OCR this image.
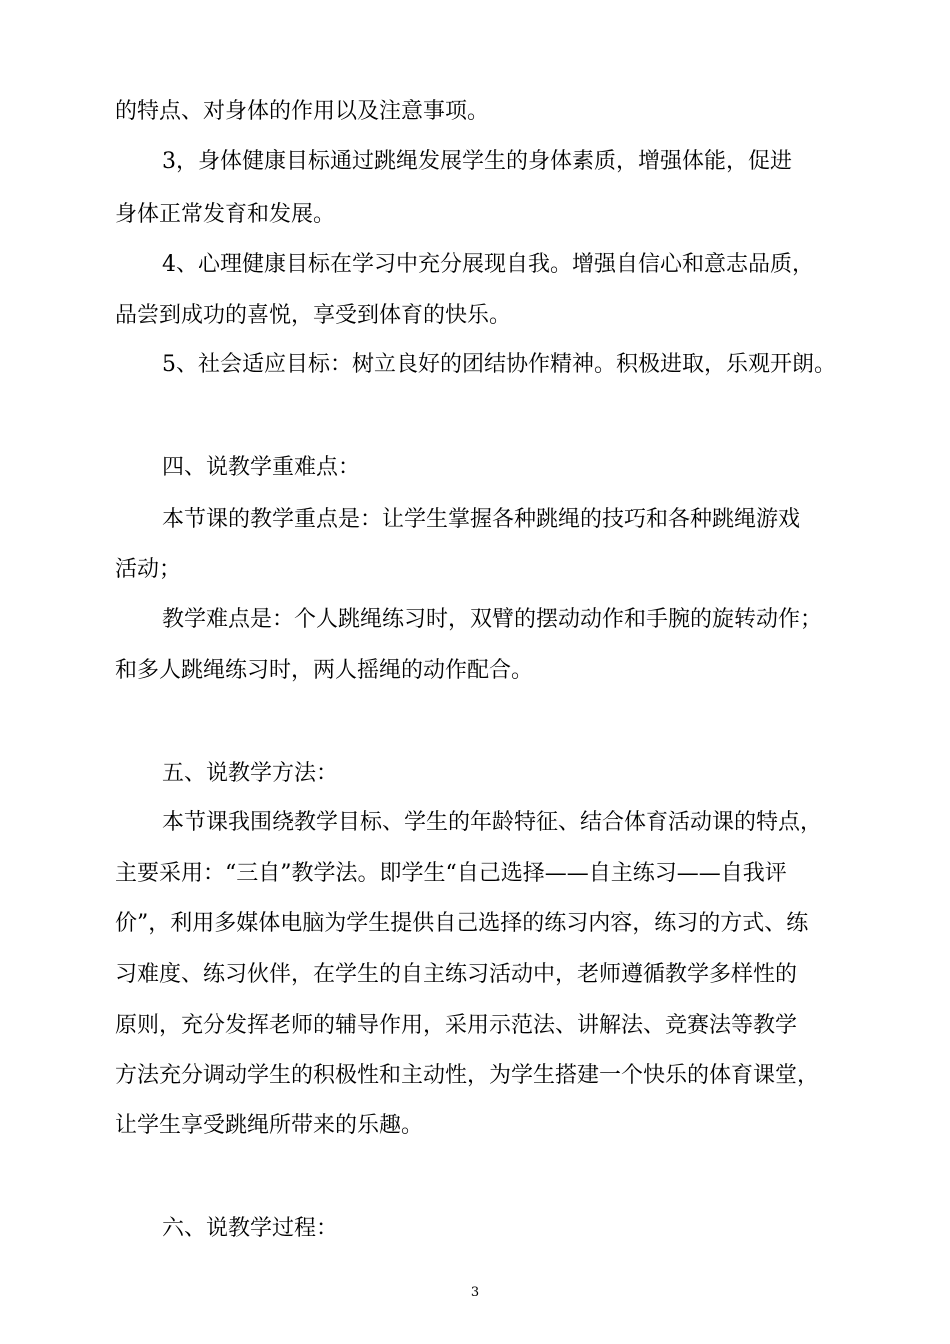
的特点、对身体的作用以及注意事项。
3，身体健康目标通过跳绳发展学生的身体素质，增强体能，促进
身体正常发育和发展。
4、心理健康目标在学习中充分展现自我。增强自信心和意志品质，
品尝到成功的喜悦，享受到体育的快乐。
5、社会适应目标：树立良好的团结协作精神。积极进取，乐观开朗。
四、说教学重难点：
本节课的教学重点是：让学生掌握各种跳绳的技巧和各种跳绳游戏
活动；
教学难点是：个人跳绳练习时，双臂的摆动动作和手腕的旋转动作；
和多人跳绳练习时，两人摇绳的动作配合。
五、说教学方法：
本节课我围绕教学目标、学生的年龄特征、结合体育活动课的特点，
主要采用：“三自”教学法。即学生“自己选择——自主练习——自我评
价”，利用多媒体电脑为学生提供自己选择的练习内容，练习的方式、练
习难度、练习伙伴，在学生的自主练习活动中，老师遵循教学多样性的
原则，充分发挥老师的辅导作用，采用示范法、讲解法、竞赛法等教学
方法充分调动学生的积极性和主动性，为学生搭建一个快乐的体育课堂，
让学生享受跳绳所带来的乐趣。
六、说教学过程：
3
